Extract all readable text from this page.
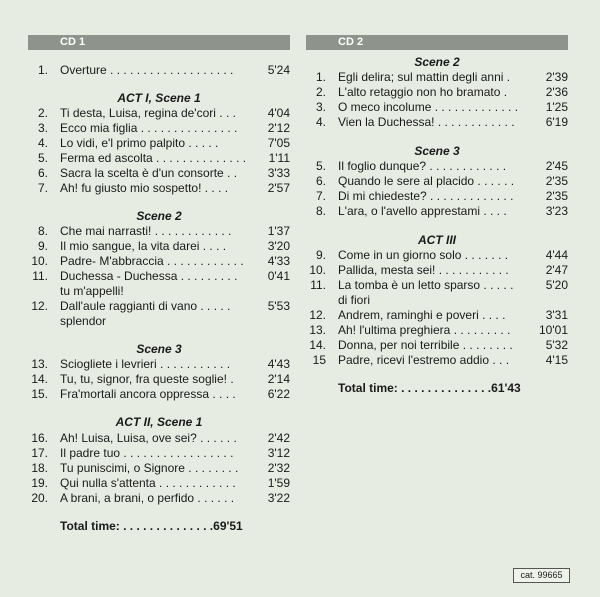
CD 1
1. Overture . . . . . . . . . . . . . . . . . . .	5'24
ACT I, Scene 1
2. Ti desta, Luisa, regina de'cori . . .	4'04
3. Ecco mia figlia . . . . . . . . . . . . . . .	2'12
4. Lo vidi, e'l primo palpito . . . . .	7'05
5. Ferma ed ascolta . . . . . . . . . . . . . . 1'11
6. Sacra la scelta è d'un consorte . .	3'33
7. Ah! fu giusto mio sospetto! . . . .	2'57
Scene 2
8. Che mai narrasti! . . . . . . . . . . . .	1'37
9. Il mio sangue, la vita darei . . . .	3'20
10. Padre- M'abbraccia . . . . . . . . . . . . 4'33
11. Duchessa - Duchessa . . . . . . . . .	0'41
tu m'appelli!
12. Dall'aule raggianti di vano . . . . .	5'53
splendor
Scene 3
13. Sciogliete i levrieri . . . . . . . . . . .	4'43
14. Tu, tu, signor, fra queste soglie! .	2'14
15. Fra'mortali ancora oppressa . . . .	6'22
ACT II, Scene 1
16. Ah! Luisa, Luisa, ove sei? . . . . . .	2'42
17. Il padre tuo . . . . . . . . . . . . . . . . .	3'12
18. Tu puniscimi, o Signore . . . . . . . . 2'32
19. Qui nulla s'attenta . . . . . . . . . . . .	1'59
20. A brani, a brani, o perfido . . . . . .	3'22
Total time: . . . . . . . . . . . . . .69'51
CD 2
Scene 2
1. Egli delira; sul mattin degli anni .	2'39
2. L'alto retaggio non ho bramato .	2'36
3. O meco incolume . . . . . . . . . . . . . 1'25
4. Vien la Duchessa! . . . . . . . . . . . .	6'19
Scene 3
5. Il foglio dunque? . . . . . . . . . . . .	2'45
6. Quando le sere al placido . . . . . .	2'35
7. Di mi chiedeste? . . . . . . . . . . . . .	2'35
8. L'ara, o l'avello apprestami . . . .	3'23
ACT III
9. Come in un giorno solo . . . . . . .	4'44
10. Pallida, mesta sei! . . . . . . . . . . .	2'47
11. La tomba è un letto sparso . . . . .	5'20
di fiori
12. Andrem, raminghi e poveri . . . .	3'31
13. Ah! l'ultima preghiera . . . . . . . . . 10'01
14. Donna, per noi terribile . . . . . . . .	5'32
15 Padre, ricevi l'estremo addio . . .	4'15
Total time: . . . . . . . . . . . . . .61'43
cat. 99665
